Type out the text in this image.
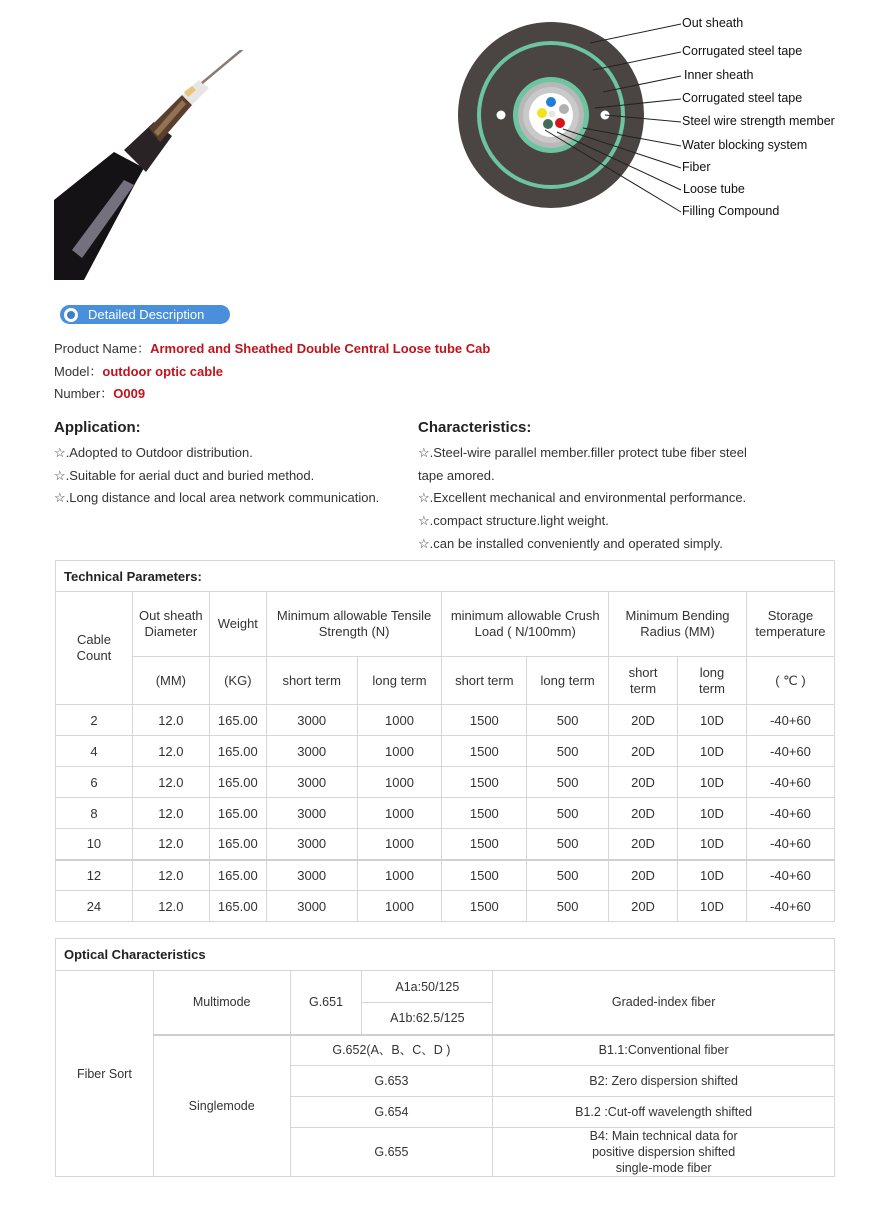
Out sheath
Corrugated steel tape
Inner sheath
Corrugated steel tape
Steel wire strength member
Water blocking system
Fiber
Loose tube
Filling Compound
Detailed Description
Product Name：Armored and Sheathed Double Central Loose tube Cab
Model：outdoor optic cable
Number：O009
Application:
☆.Adopted to Outdoor distribution.
☆.Suitable for aerial duct and buried method.
☆.Long distance and local area network communication.
Characteristics:
☆.Steel-wire parallel member.filler protect tube fiber steel
tape amored.
☆.Excellent mechanical and environmental performance.
☆.compact structure.light weight.
☆.can be installed conveniently and operated simply.
Technical Parameters:									
Cable Count	Out sheath Diameter	Weight	Minimum allowable Tensile Strength (N)		minimum allowable Crush Load ( N/100mm)		Minimum Bending Radius (MM)		Storage temperature
	(MM)	(KG)	short term	long term	short term	long term	short term	long term	( ℃ )
2	12.0	165.00	3000	1000	1500	500	20D	10D	-40+60
4	12.0	165.00	3000	1000	1500	500	20D	10D	-40+60
6	12.0	165.00	3000	1000	1500	500	20D	10D	-40+60
8	12.0	165.00	3000	1000	1500	500	20D	10D	-40+60
10	12.0	165.00	3000	1000	1500	500	20D	10D	-40+60
12	12.0	165.00	3000	1000	1500	500	20D	10D	-40+60
24	12.0	165.00	3000	1000	1500	500	20D	10D	-40+60
Optical Characteristics				
Fiber Sort	Multimode	G.651	A1a:50/125	Graded-index fiber
			A1b:62.5/125	
	Singlemode	G.652(A、B、C、D )		B1.1:Conventional fiber
		G.653		B2: Zero dispersion shifted
		G.654		B1.2 :Cut-off wavelength shifted
		G.655		B4: Main technical data for positive dispersion shifted single-mode fiber
